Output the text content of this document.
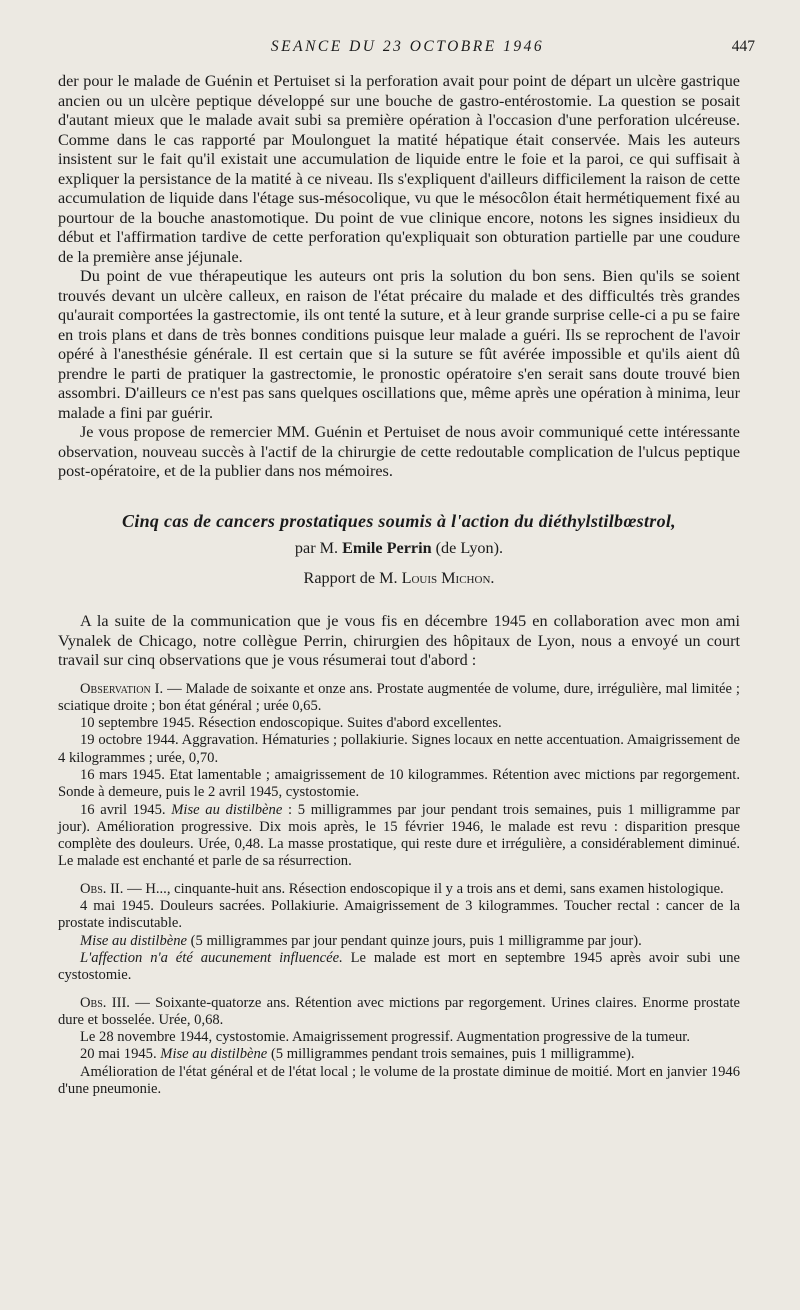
SEANCE DU 23 OCTOBRE 1946	447

der pour le malade de Guénin et Pertuiset si la perforation avait pour point de départ un ulcère gastrique ancien ou un ulcère peptique développé sur une bouche de gastro-entérostomie. La question se posait d'autant mieux que le malade avait subi sa première opération à l'occasion d'une perforation ulcéreuse. Comme dans le cas rapporté par Moulonguet la matité hépatique était conservée. Mais les auteurs insistent sur le fait qu'il existait une accumulation de liquide entre le foie et la paroi, ce qui suffisait à expliquer la persistance de la matité à ce niveau. Ils s'expliquent d'ailleurs difficilement la raison de cette accumulation de liquide dans l'étage sus-mésocolique, vu que le mésocôlon était hermétiquement fixé au pourtour de la bouche anastomotique. Du point de vue clinique encore, notons les signes insidieux du début et l'affirmation tardive de cette perforation qu'expliquait son obturation partielle par une coudure de la première anse jéjunale.

Du point de vue thérapeutique les auteurs ont pris la solution du bon sens. Bien qu'ils se soient trouvés devant un ulcère calleux, en raison de l'état précaire du malade et des difficultés très grandes qu'aurait comportées la gastrectomie, ils ont tenté la suture, et à leur grande surprise celle-ci a pu se faire en trois plans et dans de très bonnes conditions puisque leur malade a guéri. Ils se reprochent de l'avoir opéré à l'anesthésie générale. Il est certain que si la suture se fût avérée impossible et qu'ils aient dû prendre le parti de pratiquer la gastrectomie, le pronostic opératoire s'en serait sans doute trouvé bien assombri. D'ailleurs ce n'est pas sans quelques oscillations que, même après une opération à minima, leur malade a fini par guérir.

Je vous propose de remercier MM. Guénin et Pertuiset de nous avoir communiqué cette intéressante observation, nouveau succès à l'actif de la chirurgie de cette redoutable complication de l'ulcus peptique post-opératoire, et de la publier dans nos mémoires.

Cinq cas de cancers prostatiques soumis à l'action du diéthylstilbœstrol,
par M. Emile Perrin (de Lyon).
Rapport de M. Louis Michon.

A la suite de la communication que je vous fis en décembre 1945 en collaboration avec mon ami Vynalek de Chicago, notre collègue Perrin, chirurgien des hôpitaux de Lyon, nous a envoyé un court travail sur cinq observations que je vous résumerai tout d'abord :

Observation I. — Malade de soixante et onze ans. Prostate augmentée de volume, dure, irrégulière, mal limitée ; sciatique droite ; bon état général ; urée 0,65.

10 septembre 1945. Résection endoscopique. Suites d'abord excellentes.

19 octobre 1944. Aggravation. Hématuries ; pollakiurie. Signes locaux en nette accentuation. Amaigrissement de 4 kilogrammes ; urée, 0,70.

16 mars 1945. Etat lamentable ; amaigrissement de 10 kilogrammes. Rétention avec mictions par regorgement. Sonde à demeure, puis le 2 avril 1945, cystostomie.

16 avril 1945. Mise au distilbène : 5 milligrammes par jour pendant trois semaines, puis 1 milligramme par jour). Amélioration progressive. Dix mois après, le 15 février 1946, le malade est revu : disparition presque complète des douleurs. Urée, 0,48. La masse prostatique, qui reste dure et irrégulière, a considérablement diminué. Le malade est enchanté et parle de sa résurrection.

Obs. II. — H..., cinquante-huit ans. Résection endoscopique il y a trois ans et demi, sans examen histologique.

4 mai 1945. Douleurs sacrées. Pollakiurie. Amaigrissement de 3 kilogrammes. Toucher rectal : cancer de la prostate indiscutable.

Mise au distilbène (5 milligrammes par jour pendant quinze jours, puis 1 milligramme par jour).

L'affection n'a été aucunement influencée. Le malade est mort en septembre 1945 après avoir subi une cystostomie.

Obs. III. — Soixante-quatorze ans. Rétention avec mictions par regorgement. Urines claires. Enorme prostate dure et bosselée. Urée, 0,68.

Le 28 novembre 1944, cystostomie. Amaigrissement progressif. Augmentation progressive de la tumeur.

20 mai 1945. Mise au distilbène (5 milligrammes pendant trois semaines, puis 1 milligramme).

Amélioration de l'état général et de l'état local ; le volume de la prostate diminue de moitié. Mort en janvier 1946 d'une pneumonie.
